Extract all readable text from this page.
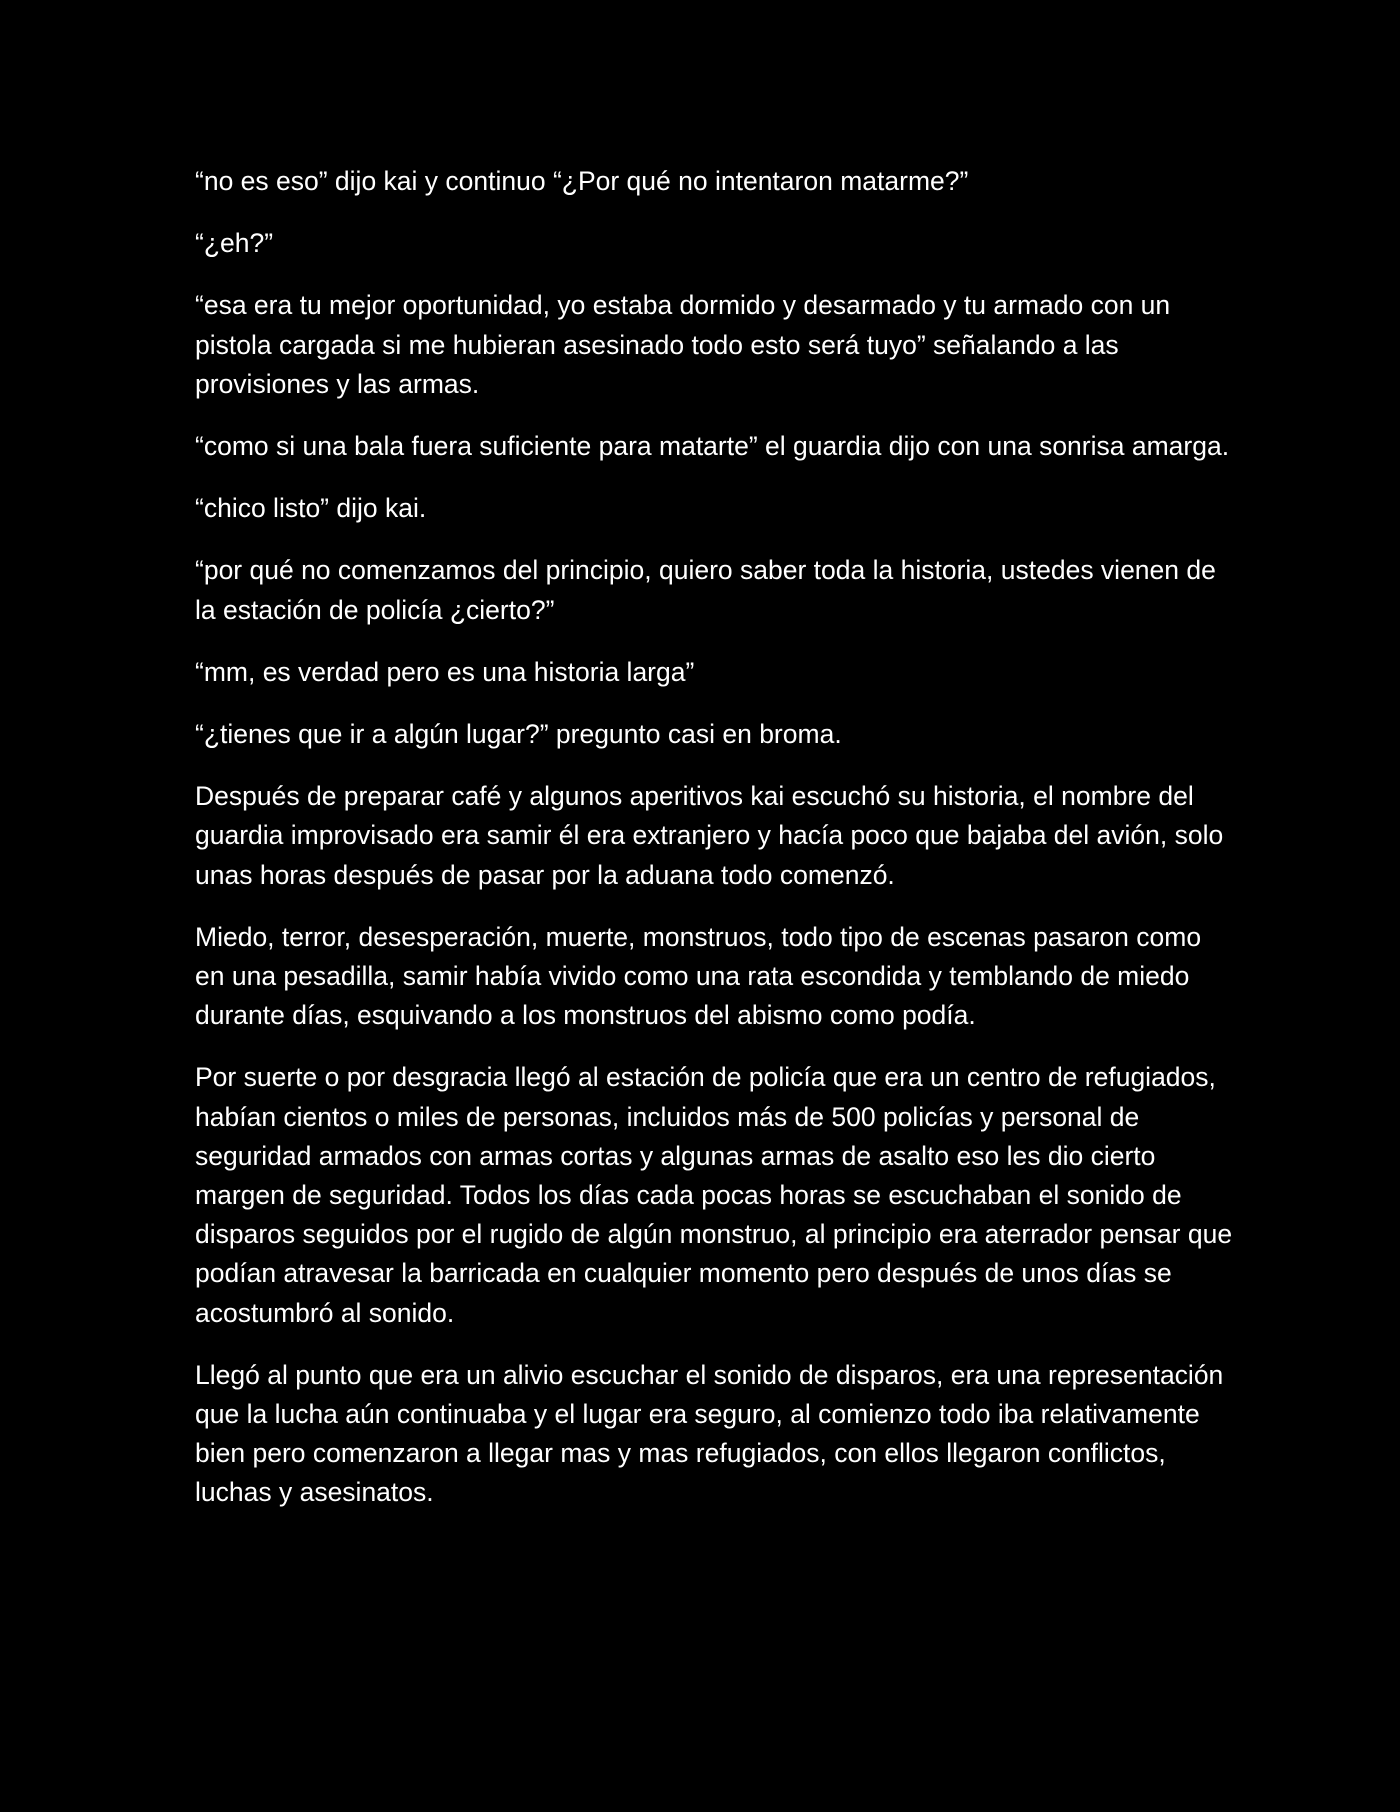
“no es eso” dijo kai y continuo “¿Por qué no intentaron matarme?”

“¿eh?”

“esa era tu mejor oportunidad, yo estaba dormido y desarmado y tu armado con un pistola cargada si me hubieran asesinado todo esto será tuyo” señalando a las provisiones y las armas.

“como si una bala fuera suficiente para matarte” el guardia dijo con una sonrisa amarga.

“chico listo” dijo kai.

“por qué no comenzamos del principio, quiero saber toda la historia, ustedes vienen de la estación de policía ¿cierto?”

“mm, es verdad pero es una historia larga”

“¿tienes que ir a algún lugar?” pregunto casi en broma.

Después de preparar café y algunos aperitivos kai escuchó su historia, el nombre del guardia improvisado era samir él era extranjero y hacía poco que bajaba del avión, solo unas horas después de pasar por la aduana todo comenzó.

Miedo, terror, desesperación, muerte, monstruos, todo tipo de escenas pasaron como en una pesadilla, samir había vivido como una rata escondida y temblando de miedo durante días, esquivando a los monstruos del abismo como podía.

Por suerte o por desgracia llegó al estación de policía que era un centro de refugiados, habían cientos o miles de personas, incluidos más de 500 policías y personal de seguridad armados con armas cortas y algunas armas de asalto eso les dio cierto margen de seguridad. Todos los días cada pocas horas se escuchaban el sonido de disparos seguidos por el rugido de algún monstruo, al principio era aterrador pensar que podían atravesar la barricada en cualquier momento pero después de unos días se acostumbró al sonido.

Llegó al punto que era un alivio escuchar el sonido de disparos, era una representación que la lucha aún continuaba y el lugar era seguro, al comienzo todo iba relativamente bien pero comenzaron a llegar mas y mas refugiados, con ellos llegaron conflictos, luchas y asesinatos.
